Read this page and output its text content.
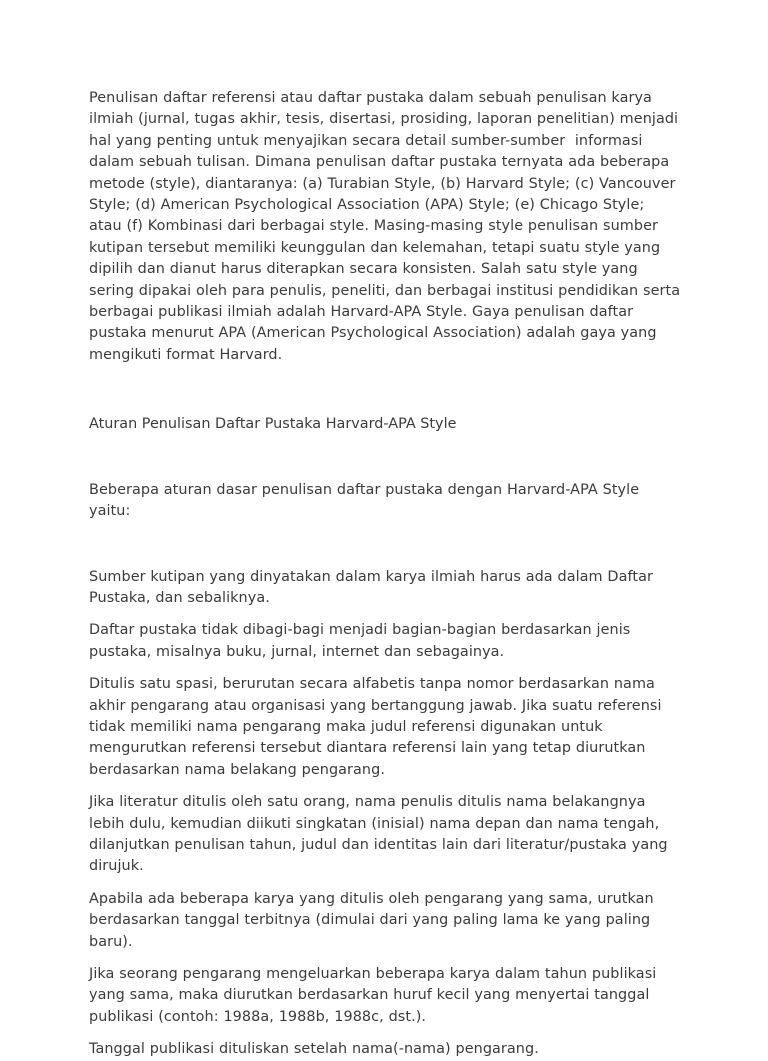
Penulisan daftar referensi atau daftar pustaka dalam sebuah penulisan karya ilmiah (jurnal, tugas akhir, tesis, disertasi, prosiding, laporan penelitian) menjadi hal yang penting untuk menyajikan secara detail sumber-sumber  informasi dalam sebuah tulisan. Dimana penulisan daftar pustaka ternyata ada beberapa metode (style), diantaranya: (a) Turabian Style, (b) Harvard Style; (c) Vancouver Style; (d) American Psychological Association (APA) Style; (e) Chicago Style; atau (f) Kombinasi dari berbagai style. Masing-masing style penulisan sumber kutipan tersebut memiliki keunggulan dan kelemahan, tetapi suatu style yang dipilih dan dianut harus diterapkan secara konsisten. Salah satu style yang sering dipakai oleh para penulis, peneliti, dan berbagai institusi pendidikan serta berbagai publikasi ilmiah adalah Harvard-APA Style. Gaya penulisan daftar pustaka menurut APA (American Psychological Association) adalah gaya yang mengikuti format Harvard.

Aturan Penulisan Daftar Pustaka Harvard-APA Style

Beberapa aturan dasar penulisan daftar pustaka dengan Harvard-APA Style yaitu:

Sumber kutipan yang dinyatakan dalam karya ilmiah harus ada dalam Daftar Pustaka, dan sebaliknya.

Daftar pustaka tidak dibagi-bagi menjadi bagian-bagian berdasarkan jenis pustaka, misalnya buku, jurnal, internet dan sebagainya.

Ditulis satu spasi, berurutan secara alfabetis tanpa nomor berdasarkan nama akhir pengarang atau organisasi yang bertanggung jawab. Jika suatu referensi tidak memiliki nama pengarang maka judul referensi digunakan untuk mengurutkan referensi tersebut diantara referensi lain yang tetap diurutkan berdasarkan nama belakang pengarang.

Jika literatur ditulis oleh satu orang, nama penulis ditulis nama belakangnya lebih dulu, kemudian diikuti singkatan (inisial) nama depan dan nama tengah, dilanjutkan penulisan tahun, judul dan identitas lain dari literatur/pustaka yang dirujuk.

Apabila ada beberapa karya yang ditulis oleh pengarang yang sama, urutkan berdasarkan tanggal terbitnya (dimulai dari yang paling lama ke yang paling baru).

Jika seorang pengarang mengeluarkan beberapa karya dalam tahun publikasi yang sama, maka diurutkan berdasarkan huruf kecil yang menyertai tanggal publikasi (contoh: 1988a, 1988b, 1988c, dst.).

Tanggal publikasi dituliskan setelah nama(-nama) pengarang.
